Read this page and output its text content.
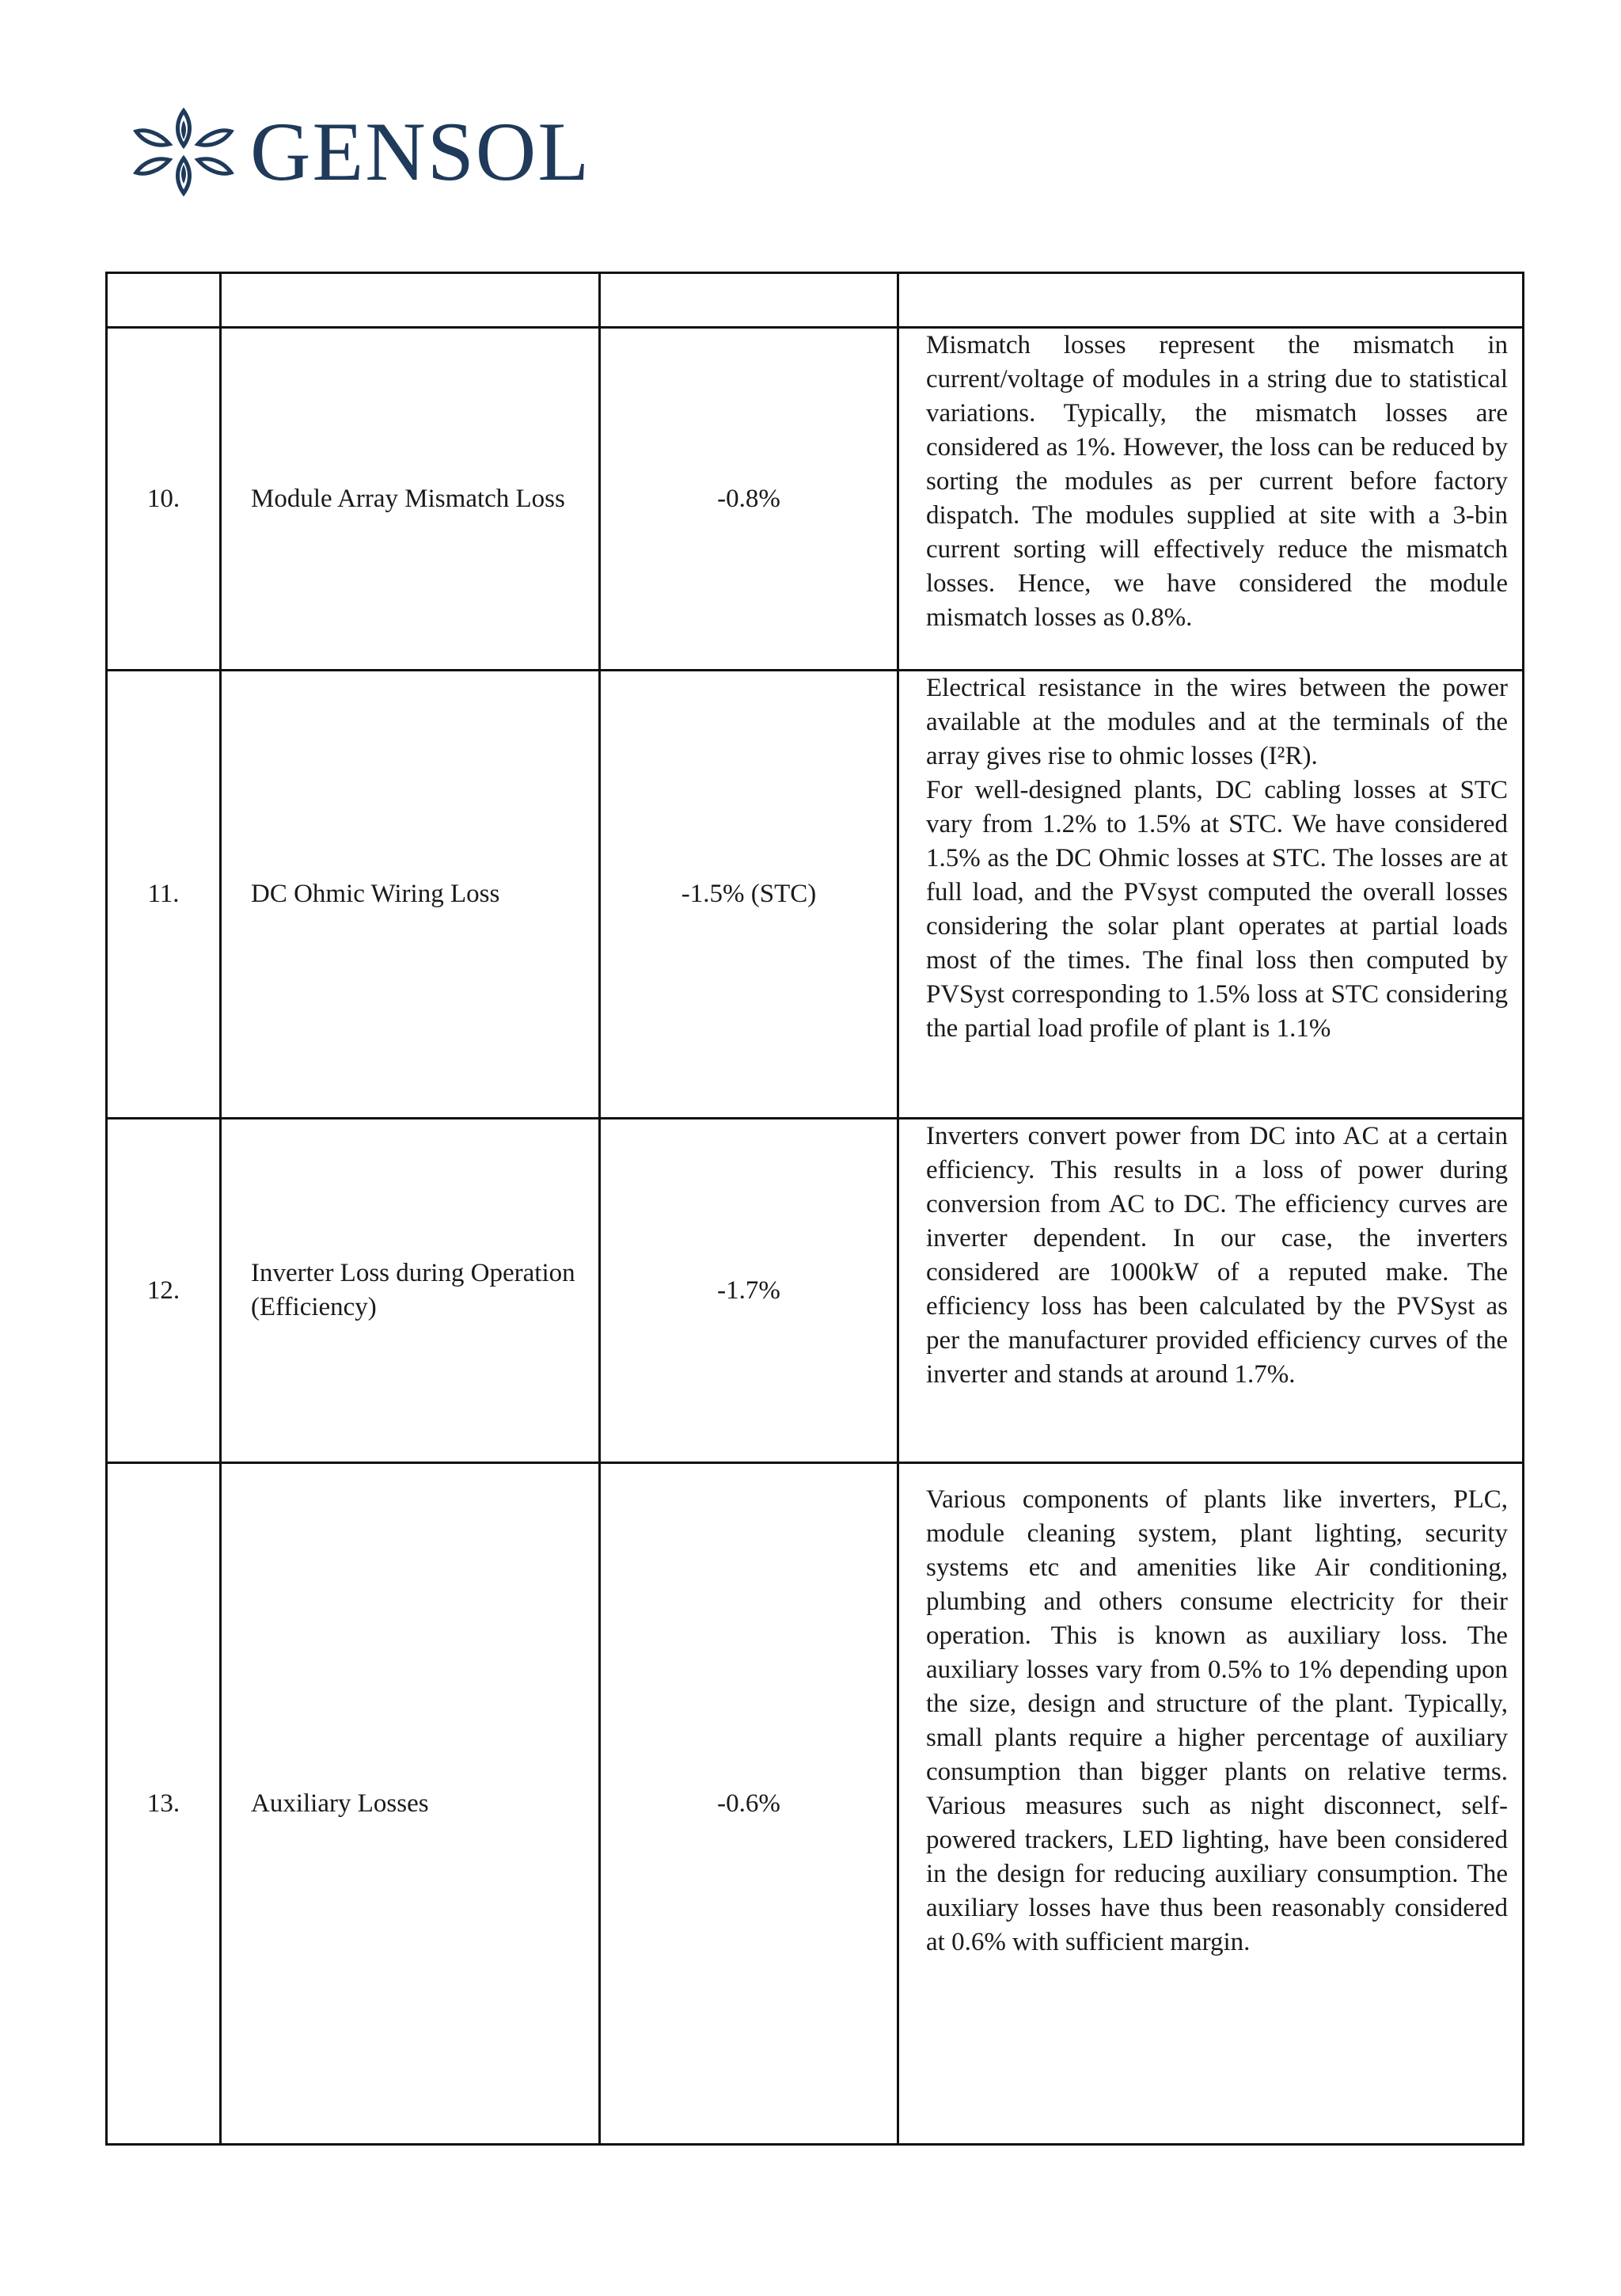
GENSOL

10.	Module Array Mismatch Loss	-0.8%	Mismatch losses represent the mismatch in current/voltage of modules in a string due to statistical variations. Typically, the mismatch losses are considered as 1%. However, the loss can be reduced by sorting the modules as per current before factory dispatch. The modules supplied at site with a 3-bin current sorting will effectively reduce the mismatch losses. Hence, we have considered the module mismatch losses as 0.8%.
11.	DC Ohmic Wiring Loss	-1.5% (STC)	Electrical resistance in the wires between the power available at the modules and at the terminals of the array gives rise to ohmic losses (I²R).
For well-designed plants, DC cabling losses at STC vary from 1.2% to 1.5% at STC. We have considered 1.5% as the DC Ohmic losses at STC. The losses are at full load, and the PVsyst computed the overall losses considering the solar plant operates at partial loads most of the times. The final loss then computed by PVSyst corresponding to 1.5% loss at STC considering the partial load profile of plant is 1.1%

12.	Inverter Loss during Operation (Efficiency)	-1.7%	Inverters convert power from DC into AC at a certain efficiency. This results in a loss of power during conversion from AC to DC. The efficiency curves are inverter dependent. In our case, the inverters considered are 1000kW of a reputed make. The efficiency loss has been calculated by the PVSyst as per the manufacturer provided efficiency curves of the inverter and stands at around 1.7%.
13.	Auxiliary Losses	-0.6%	Various components of plants like inverters, PLC, module cleaning system, plant lighting, security systems etc and amenities like Air conditioning, plumbing and others consume electricity for their operation. This is known as auxiliary loss. The auxiliary losses vary from 0.5% to 1% depending upon the size, design and structure of the plant. Typically, small plants require a higher percentage of auxiliary consumption than bigger plants on relative terms. Various measures such as night disconnect, self-powered trackers, LED lighting, have been considered in the design for reducing auxiliary consumption. The auxiliary losses have thus been reasonably considered at 0.6% with sufficient margin.
